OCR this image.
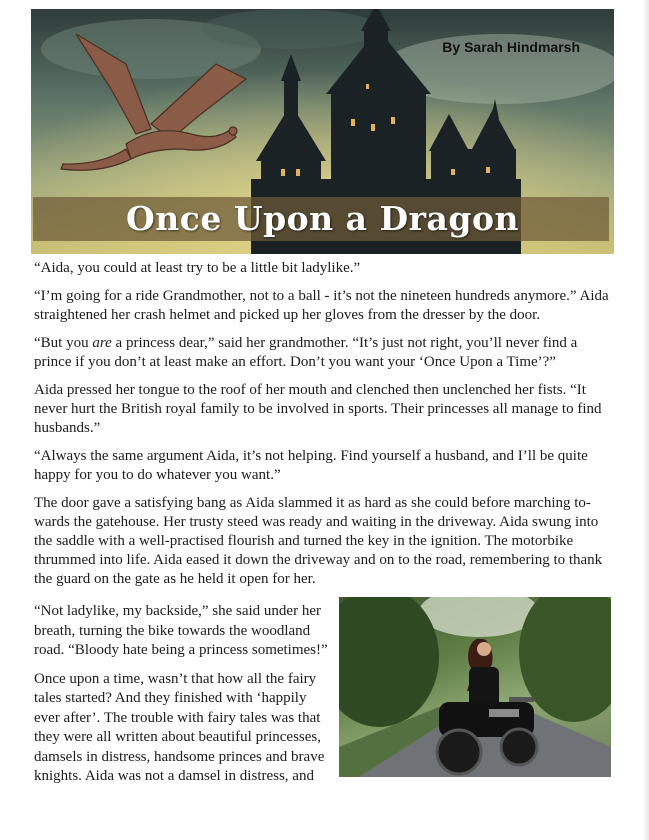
By Sarah Hindmarsh
Once Upon a Dragon

“Aida, you could at least try to be a little bit ladylike.”

“I’m going for a ride Grandmother, not to a ball - it’s not the nineteen hundreds anymore.” Aida straightened her crash helmet and picked up her gloves from the dresser by the door.

“But you are a princess dear,” said her grandmother. “It’s just not right, you’ll never find a prince if you don’t at least make an effort. Don’t you want your ‘Once Upon a Time’?”

Aida pressed her tongue to the roof of her mouth and clenched then unclenched her fists. “It never hurt the British royal family to be involved in sports. Their princesses all manage to find husbands.”

“Always the same argument Aida, it’s not helping. Find yourself a husband, and I’ll be quite happy for you to do whatever you want.”

The door gave a satisfying bang as Aida slammed it as hard as she could before marching to-wards the gatehouse. Her trusty steed was ready and waiting in the driveway. Aida swung into the saddle with a well-practised flourish and turned the key in the ignition. The motorbike thrummed into life. Aida eased it down the driveway and on to the road, remembering to thank the guard on the gate as he held it open for her.

“Not ladylike, my backside,” she said under her breath, turning the bike towards the woodland road. “Bloody hate being a princess sometimes!”

Once upon a time, wasn’t that how all the fairy tales started? And they finished with ‘happily ever after’. The trouble with fairy tales was that they were all written about beautiful princesses, damsels in distress, handsome princes and brave knights. Aida was not a damsel in distress, and
